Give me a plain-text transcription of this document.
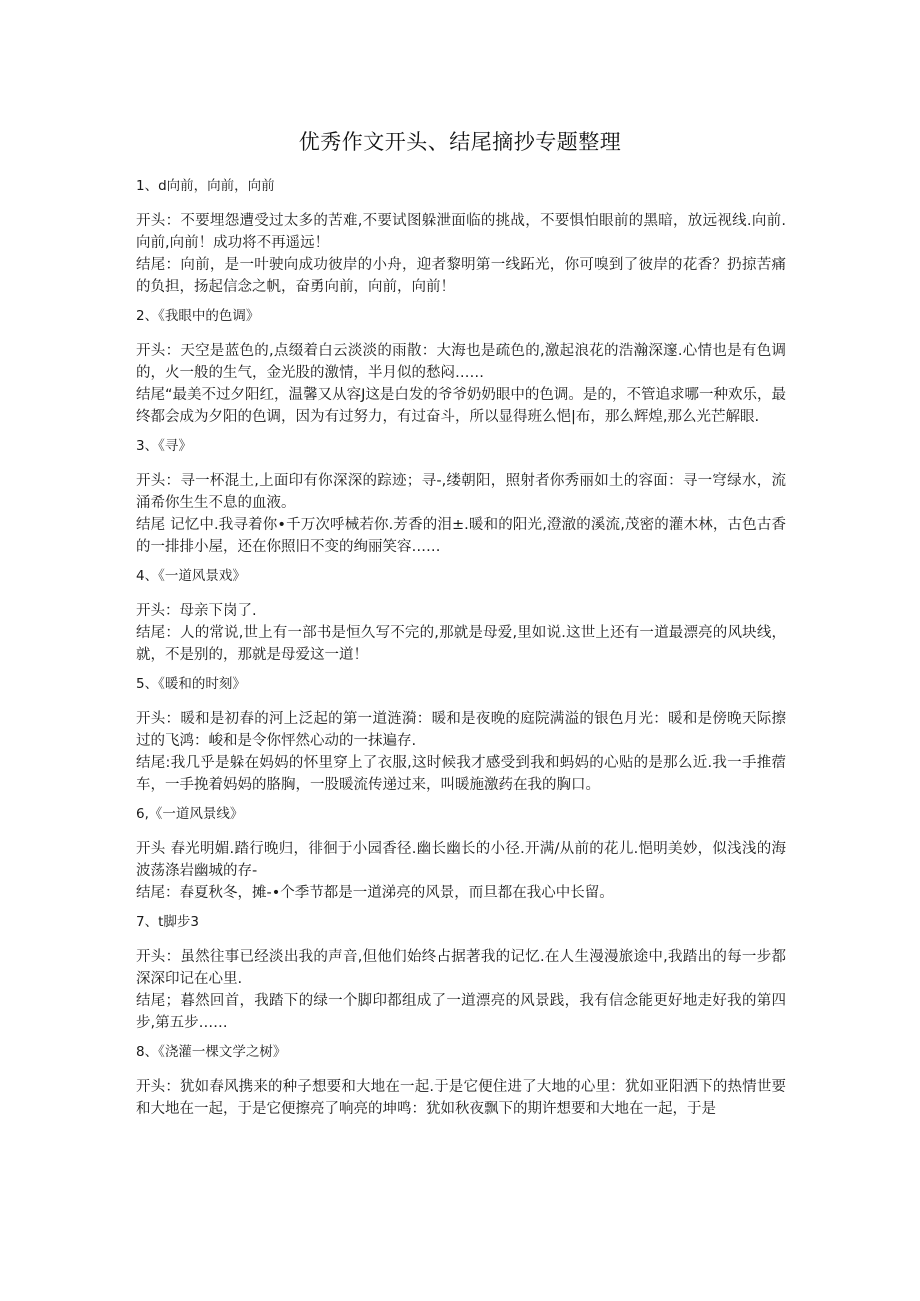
优秀作文开头、结尾摘抄专题整理
1、d向前，向前，向前

开头：不要埋怨遭受过太多的苦难,不要试图躲泄面临的挑战，不要惧怕眼前的黑暗，放远视线.向前.向前,向前！成功将不再遥远！

结尾：向前，是一叶驶向成功彼岸的小舟，迎者黎明第一线跖光，你可嗅到了彼岸的花香？扔掠苦痛的负担，扬起信念之帆，奋勇向前，向前，向前！

2、《我眼中的色调》

开头：天空是蓝色的,点缀着白云淡淡的雨散：大海也是疏色的,激起浪花的浩瀚深邃.心情也是有色调的，火一般的生气，金光股的激情，半月似的愁闷……

结尾“最美不过夕阳红，温馨又从容J这是白发的爷爷奶奶眼中的色调。是的，不管追求哪一种欢乐，最终都会成为夕阳的色调，因为有过努力，有过奋斗，所以显得班么悒|布，那么辉煌,那么光芒解眼.

3、《寻》

开头：寻一杯混土,上面印有你深深的踪迹；寻-,缕朝阳，照射者你秀丽如土的容面：寻一穹绿水，流涌希你生生不息的血液。

结尾 记忆中.我寻着你•千万次呼械若你.芳香的泪±.暖和的阳光,澄澈的溪流,茂密的灌木林，古色古香的一排排小屋，还在你照旧不变的绚丽笑容……

4、《一道风景戏》

开头：母亲下岗了.

结尾：人的常说,世上有一部书是恒久写不完的,那就是母爱,里如说.这世上还有一道最漂亮的风块线，就，不是别的，那就是母爱这一道！

5、《暖和的时刻》

开头：暖和是初春的河上泛起的第一道涟漪：暖和是夜晚的庭院满溢的银色月光：暖和是傍晚天际擦过的飞鸿：峻和是令你怦然心动的一抹遍存.

结尾:我几乎是躲在妈妈的怀里穿上了衣服,这时候我才感受到我和蚂妈的心贴的是那么近.我一手推蓿车，一手挽着妈妈的胳胸，一股暖流传递过来，叫暖施激药在我的胸口。

6,《一道风景线》

开头 春光明媚.踏行晚归，徘徊于小园香径.幽长幽长的小径.开满/从前的花儿.悒明美妙，似浅浅的海波荡涤岩幽城的存-

结尾：春夏秋冬，摊-•个季节都是一道涕亮的风景，而旦都在我心中长留。

7、t脚步3

开头：虽然往事已经淡出我的声音,但他们始终占据著我的记忆.在人生漫漫旅途中,我踏出的每一步都深深印记在心里.

结尾；暮然回首，我踏下的绿一个脚印都组成了一道漂亮的风景践，我有信念能更好地走好我的第四步,第五步……

8、《浇灌一棵文学之树》

开头：犹如春风携来的种子想要和大地在一起.于是它便住进了大地的心里：犹如亚阳洒下的热情世要和大地在一起，于是它便擦亮了响亮的坤鸣：犹如秋夜飘下的期许想要和大地在一起，于是
